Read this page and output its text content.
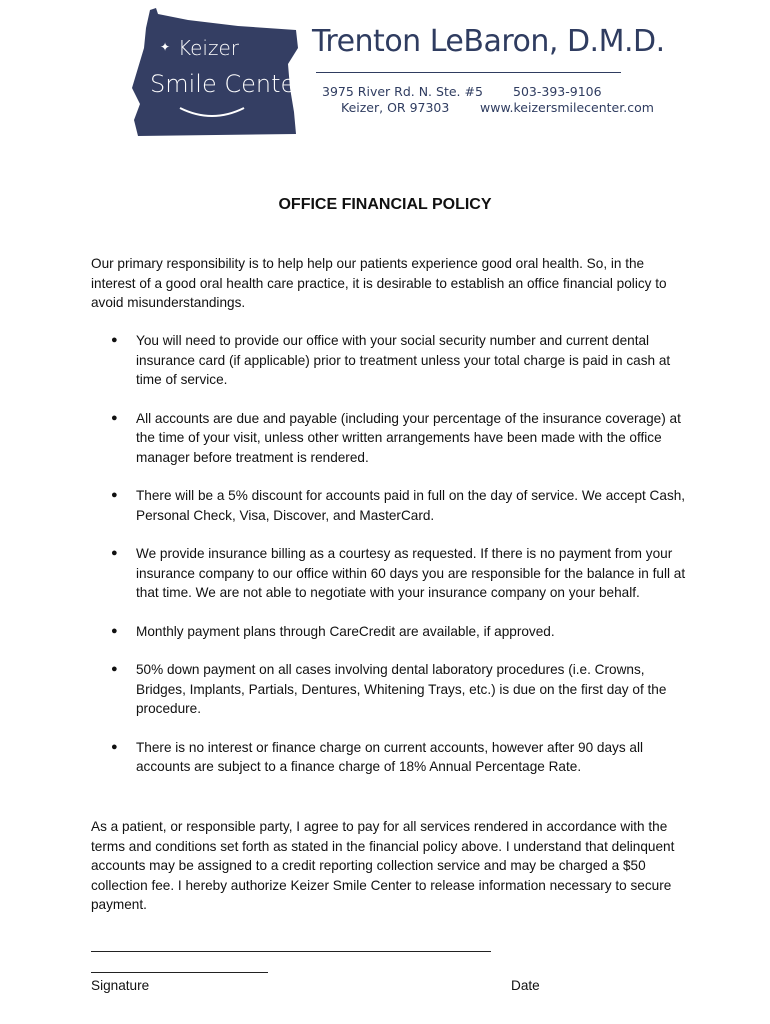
✦ Keizer
Smile Center
Trenton LeBaron, D.M.D.
3975 River Rd. N. Ste. #5
Keizer, OR 97303
503-393-9106
www.keizersmilecenter.com
OFFICE FINANCIAL POLICY
Our primary responsibility is to help help our patients experience good oral health. So, in the interest of a good oral health care practice, it is desirable to establish an office financial policy to avoid misunderstandings.
● You will need to provide our office with your social security number and current dental insurance card (if applicable) prior to treatment unless your total charge is paid in cash at time of service.
● All accounts are due and payable (including your percentage of the insurance coverage) at the time of your visit, unless other written arrangements have been made with the office manager before treatment is rendered.
● There will be a 5% discount for accounts paid in full on the day of service. We accept Cash, Personal Check, Visa, Discover, and MasterCard.
● We provide insurance billing as a courtesy as requested. If there is no payment from your insurance company to our office within 60 days you are responsible for the balance in full at that time. We are not able to negotiate with your insurance company on your behalf.
● Monthly payment plans through CareCredit are available, if approved.
● 50% down payment on all cases involving dental laboratory procedures (i.e. Crowns, Bridges, Implants, Partials, Dentures, Whitening Trays, etc.) is due on the first day of the procedure.
● There is no interest or finance charge on current accounts, however after 90 days all accounts are subject to a finance charge of 18% Annual Percentage Rate.
As a patient, or responsible party, I agree to pay for all services rendered in accordance with the terms and conditions set forth as stated in the financial policy above. I understand that delinquent accounts may be assigned to a credit reporting collection service and may be charged a $50 collection fee. I hereby authorize Keizer Smile Center to release information necessary to secure payment.
Signature	Date
